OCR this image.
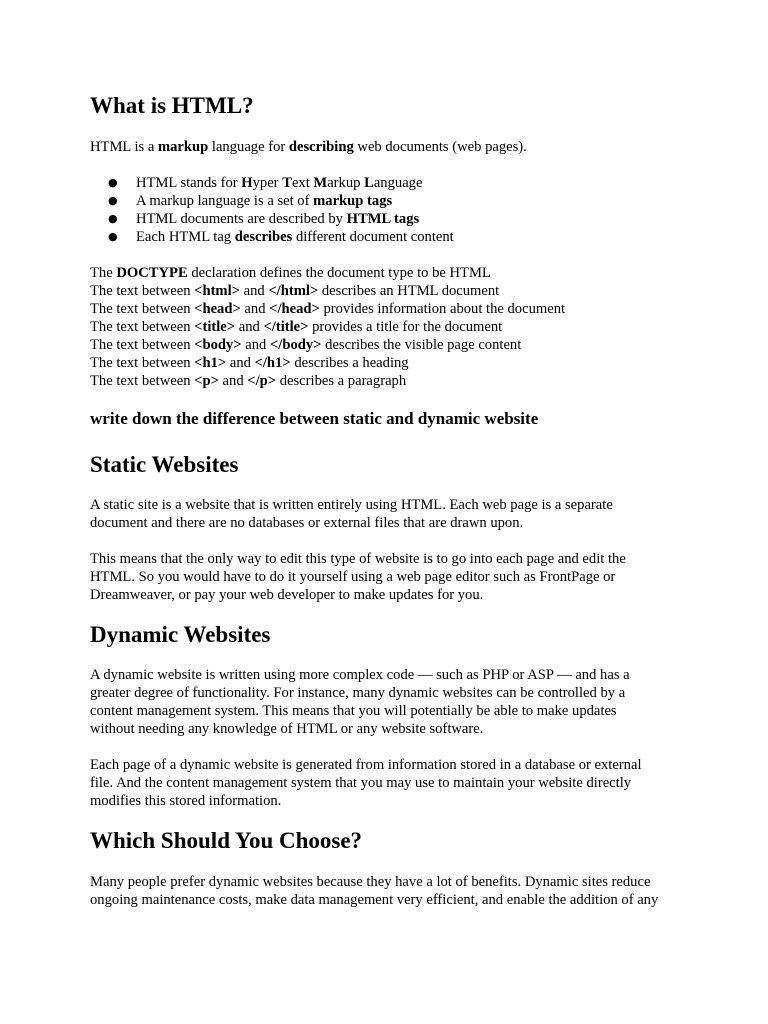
What is HTML?

HTML is a markup language for describing web documents (web pages).

● HTML stands for Hyper Text Markup Language
● A markup language is a set of markup tags
● HTML documents are described by HTML tags
● Each HTML tag describes different document content

The DOCTYPE declaration defines the document type to be HTML

The text between <html> and </html> describes an HTML document

The text between <head> and </head> provides information about the document

The text between <title> and </title> provides a title for the document

The text between <body> and </body> describes the visible page content

The text between <h1> and </h1> describes a heading

The text between <p> and </p> describes a paragraph

write down the difference between static and dynamic website
Static Websites

A static site is a website that is written entirely using HTML. Each web page is a separate

document and there are no databases or external files that are drawn upon.

This means that the only way to edit this type of website is to go into each page and edit the

HTML. So you would have to do it yourself using a web page editor such as FrontPage or

Dreamweaver, or pay your web developer to make updates for you.

Dynamic Websites

A dynamic website is written using more complex code — such as PHP or ASP — and has a

greater degree of functionality. For instance, many dynamic websites can be controlled by a

content management system. This means that you will potentially be able to make updates

without needing any knowledge of HTML or any website software.

Each page of a dynamic website is generated from information stored in a database or external

file. And the content management system that you may use to maintain your website directly

modifies this stored information.

Which Should You Choose?

Many people prefer dynamic websites because they have a lot of benefits. Dynamic sites reduce

ongoing maintenance costs, make data management very efficient, and enable the addition of any
